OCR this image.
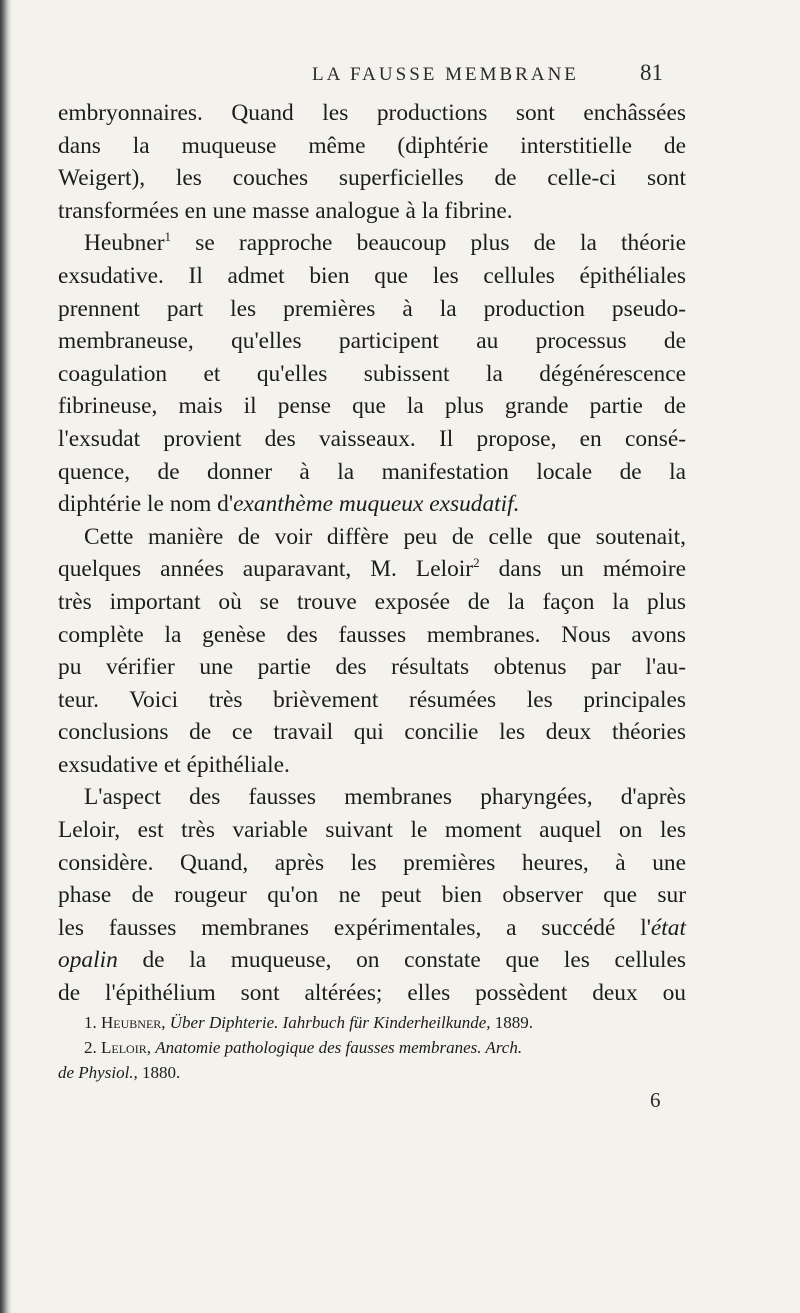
LA FAUSSE MEMBRANE	81
embryonnaires. Quand les productions sont enchâssées
dans la muqueuse même (diphtérie interstitielle de
Weigert), les couches superficielles de celle-ci sont
transformées en une masse analogue à la fibrine.
Heubner$^1$ se rapproche beaucoup plus de la théorie
exsudative. Il admet bien que les cellules épithéliales
prennent part les premières à la production pseudo-
membraneuse, qu'elles participent au processus de
coagulation et qu'elles subissent la dégénérescence
fibrineuse, mais il pense que la plus grande partie de
l'exsudat provient des vaisseaux. Il propose, en consé-
quence, de donner à la manifestation locale de la
diphtérie le nom d'exanthème muqueux exsudatif.
Cette manière de voir diffère peu de celle que soutenait,
quelques années auparavant, M. Leloir$^2$ dans un mémoire
très important où se trouve exposée de la façon la plus
complète la genèse des fausses membranes. Nous avons
pu vérifier une partie des résultats obtenus par l'au-
teur. Voici très brièvement résumées les principales
conclusions de ce travail qui concilie les deux théories
exsudative et épithéliale.
L'aspect des fausses membranes pharyngées, d'après
Leloir, est très variable suivant le moment auquel on les
considère. Quand, après les premières heures, à une
phase de rougeur qu'on ne peut bien observer que sur
les fausses membranes expérimentales, a succédé l'état
opalin de la muqueuse, on constate que les cellules
de l'épithélium sont altérées; elles possèdent deux ou
1. Heubner, Über Diphterie. Iahrbuch für Kinderheilkunde, 1889.
2. Leloir, Anatomie pathologique des fausses membranes. Arch.
de Physiol., 1880.
6
